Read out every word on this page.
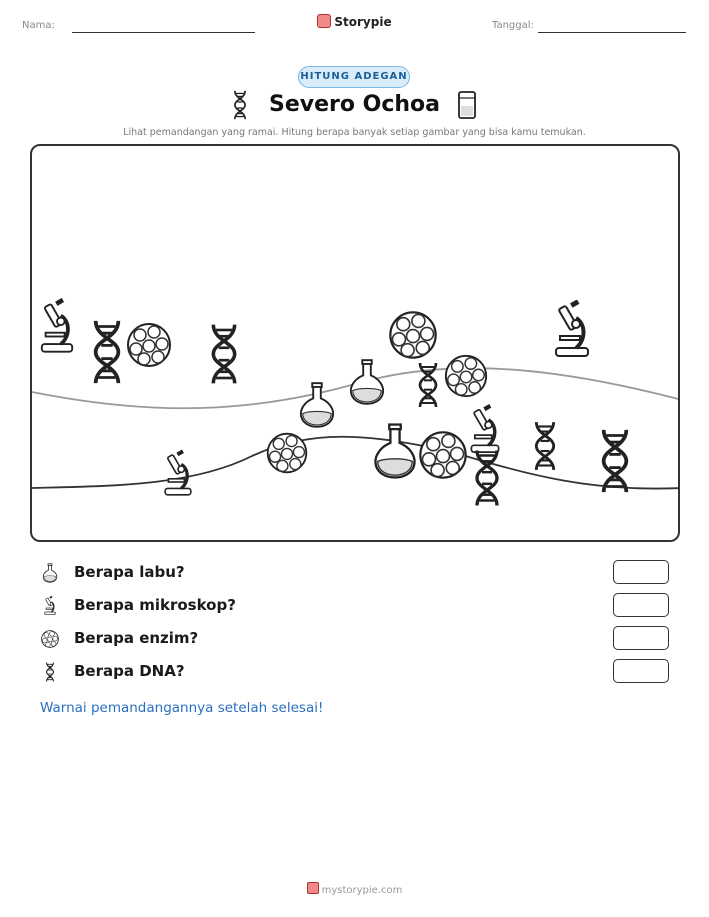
Nama:	Storypie	Tanggal:
HITUNG ADEGAN
Severo Ochoa
Lihat pemandangan yang ramai. Hitung berapa banyak setiap gambar yang bisa kamu temukan.
Berapa labu?
Berapa mikroskop?
Berapa enzim?
Berapa DNA?
Warnai pemandangannya setelah selesai!
mystorypie.com
